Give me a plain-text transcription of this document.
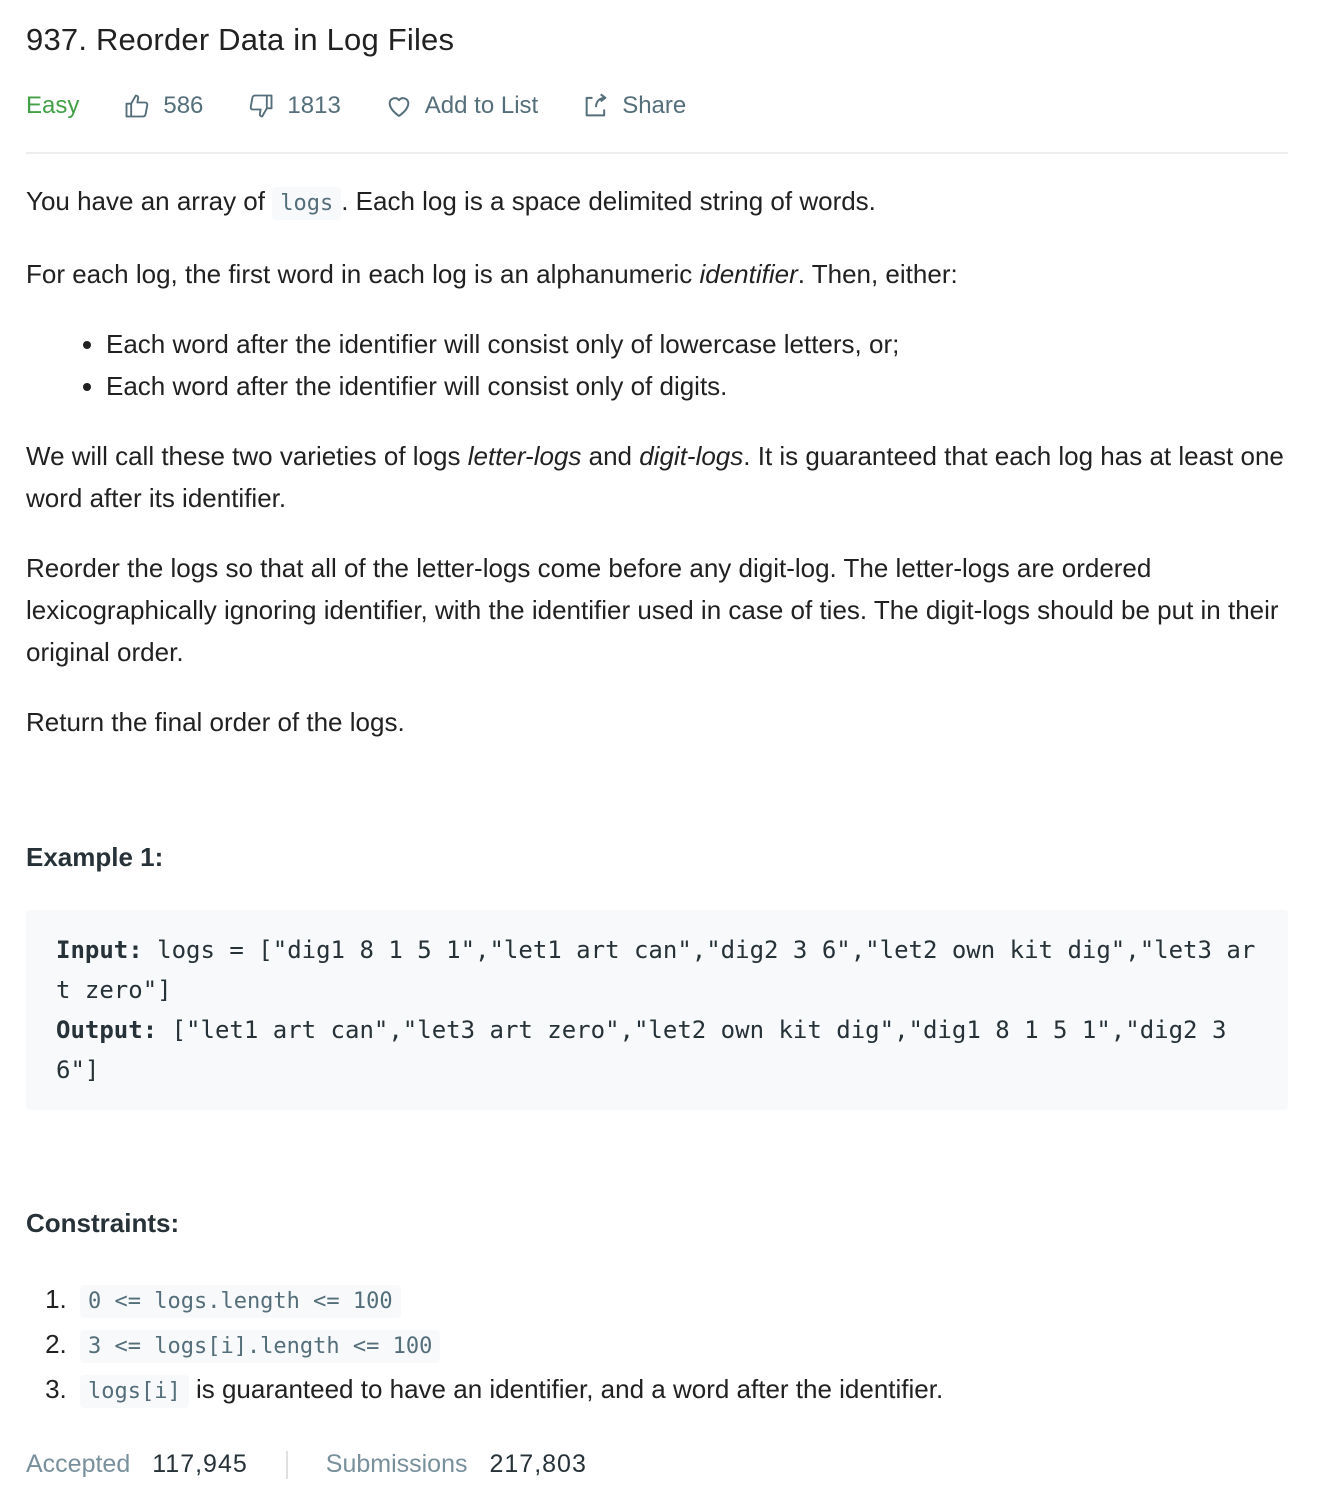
937. Reorder Data in Log Files
Easy	586	1813	Add to List	Share

You have an array of logs . Each log is a space delimited string of words.

For each log, the first word in each log is an alphanumeric identifier. Then, either:

• Each word after the identifier will consist only of lowercase letters, or;
• Each word after the identifier will consist only of digits.

We will call these two varieties of logs letter-logs and digit-logs. It is guaranteed that each log has at least one word after its identifier.

Reorder the logs so that all of the letter-logs come before any digit-log. The letter-logs are ordered lexicographically ignoring identifier, with the identifier used in case of ties. The digit-logs should be put in their original order.

Return the final order of the logs.

Example 1:
Input: logs = ["dig1 8 1 5 1","let1 art can","dig2 3 6","let2 own kit dig","let3 art zero"]
Output: ["let1 art can","let3 art zero","let2 own kit dig","dig1 8 1 5 1","dig2 3 6"]
Constraints:
1. 0 <= logs.length <= 100
2. 3 <= logs[i].length <= 100
3. logs[i] is guaranteed to have an identifier, and a word after the identifier.
Accepted 117,945	Submissions 217,803
